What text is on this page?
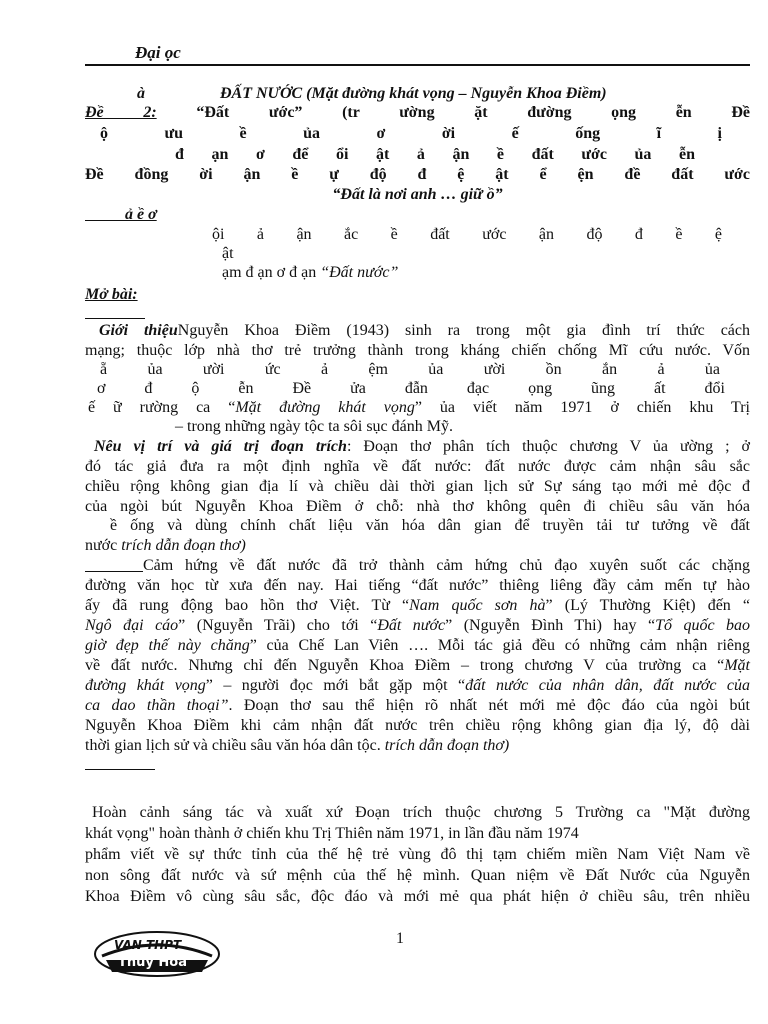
Đại ọc
à	ĐẤT NƯỚC (Mặt đường khát vọng – Nguyễn Khoa Điềm)
Đề 2: “Đất ước” (tr ường ặt đường ọng ễn Đề
ộ ưu ề ủa ơ ời ế ống ĩ ị
đ ạn ơ để ổi ật ả ận ề đất ước ủa ễn
Đề đồng ời ận ề ự độ đ ệ ật ể ện đề đất ước
“Đất là nơi anh … giữ ồ”
ả ề ơ
ội ả ận ắc ề đất ước ận độ đ ề ệ
ật
ạm đ ạn ơ đ ạn “Đất nước”
Mở bài:
Giới thiệuNguyễn Khoa Điềm (1943) sinh ra trong một gia đình trí thức cách
mạng; thuộc lớp nhà thơ trẻ trưởng thành trong kháng chiến chống Mĩ cứu nước. Vốn
ẵ ủa ười ức ả ệm ủa ười ồn ắn ả ủa
ơ đ ộ ễn Đề ửa đẫn đạc ọng ũng ất đổi
ế ữ rường ca “Mặt đường khát vọng” ủa viết năm 1971 ở chiến khu Trị
– trong những ngày tộc ta sôi sục đánh Mỹ.
Nêu vị trí và giá trị đoạn trích: Đoạn thơ phân tích thuộc chương V ủa ường ; ở
đó tác giả đưa ra một định nghĩa về đất nước: đất nước được cảm nhận sâu sắc
chiều rộng không gian địa lí và chiều dài thời gian lịch sử Sự sáng tạo mới mẻ độc đ
của ngòi bút Nguyễn Khoa Điềm ở chỗ: nhà thơ không quên đi chiều sâu văn hóa
ề ống và dùng chính chất liệu văn hóa dân gian để truyền tải tư tưởng về đất
nước trích dẫn đoạn thơ)
Cảm hứng về đất nước đã trở thành cảm hứng chủ đạo xuyên suốt các chặng
đường văn học từ xưa đến nay. Hai tiếng “đất nước” thiêng liêng đầy cảm mến tự hào
ấy đã rung động bao hồn thơ Việt. Từ “Nam quốc sơn hà” (Lý Thường Kiệt) đến “
Ngô đại cáo” (Nguyễn Trãi) cho tới “Đất nước” (Nguyễn Đình Thi) hay “Tổ quốc bao
giờ đẹp thế này chăng” của Chế Lan Viên …. Mỗi tác giả đều có những cảm nhận riêng
về đất nước. Nhưng chỉ đến Nguyễn Khoa Điềm – trong chương V của trường ca “Mặt
đường khát vọng” – người đọc mới bắt gặp một “đất nước của nhân dân, đất nước của
ca dao thần thoại”. Đoạn thơ sau thể hiện rõ nhất nét mới mẻ độc đáo của ngòi bút
Nguyễn Khoa Điềm khi cảm nhận đất nước trên chiều rộng không gian địa lý, độ dài
thời gian lịch sử và chiều sâu văn hóa dân tộc. trích dẫn đoạn thơ)
Hoàn cảnh sáng tác và xuất xứ Đoạn trích thuộc chương 5 Trường ca "Mặt đường
khát vọng" hoàn thành ở chiến khu Trị Thiên năm 1971, in lần đầu năm 1974
phẩm viết về sự thức tỉnh của thế hệ trẻ vùng đô thị tạm chiếm miền Nam Việt Nam về
non sông đất nước và sứ mệnh của thế hệ mình. Quan niệm về Đất Nước của Nguyễn
Khoa Điềm vô cùng sâu sắc, độc đáo và mới mẻ qua phát hiện ở chiều sâu, trên nhiều
VAN THPT
Thủy Hoa
1
